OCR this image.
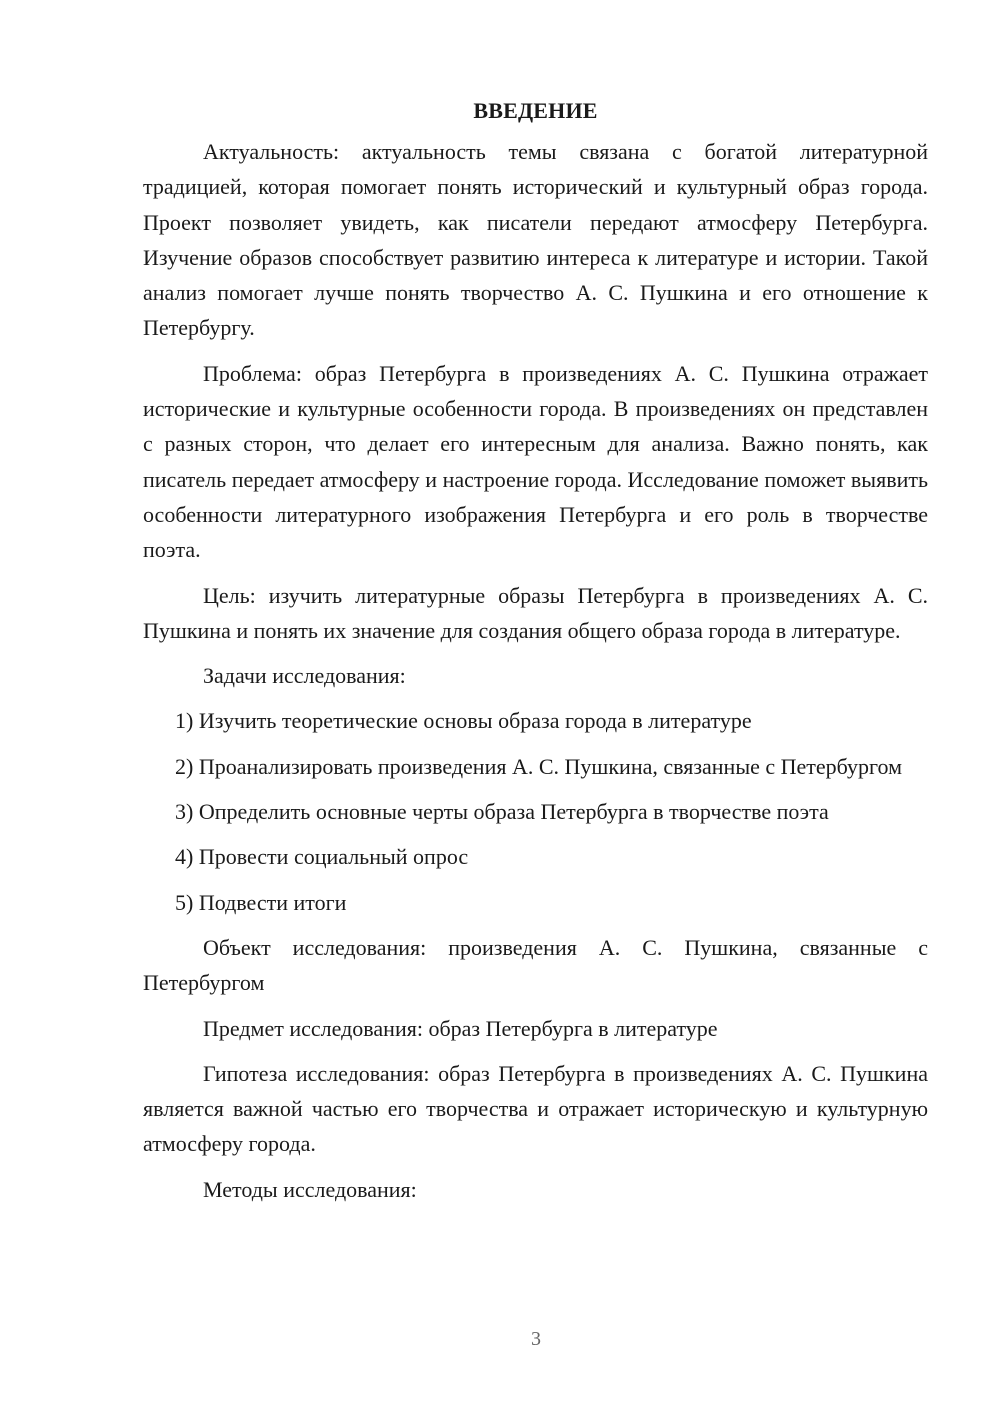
ВВЕДЕНИЕ

Актуальность: актуальность темы связана с богатой литературной традицией, которая помогает понять исторический и культурный образ города. Проект позволяет увидеть, как писатели передают атмосферу Петербурга. Изучение образов способствует развитию интереса к литературе и истории. Такой анализ помогает лучше понять творчество А. С. Пушкина и его отношение к Петербургу.

Проблема: образ Петербурга в произведениях А. С. Пушкина отражает исторические и культурные особенности города. В произведениях он представлен с разных сторон, что делает его интересным для анализа. Важно понять, как писатель передает атмосферу и настроение города. Исследование поможет выявить особенности литературного изображения Петербурга и его роль в творчестве поэта.

Цель: изучить литературные образы Петербурга в произведениях А. С. Пушкина и понять их значение для создания общего образа города в литературе.

Задачи исследования:

1) Изучить теоретические основы образа города в литературе

2) Проанализировать произведения А. С. Пушкина, связанные с Петербургом

3) Определить основные черты образа Петербурга в творчестве поэта

4) Провести социальный опрос

5) Подвести итоги

Объект исследования: произведения А. С. Пушкина, связанные с Петербургом

Предмет исследования: образ Петербурга в литературе

Гипотеза исследования: образ Петербурга в произведениях А. С. Пушкина является важной частью его творчества и отражает историческую и культурную атмосферу города.

Методы исследования:

3
